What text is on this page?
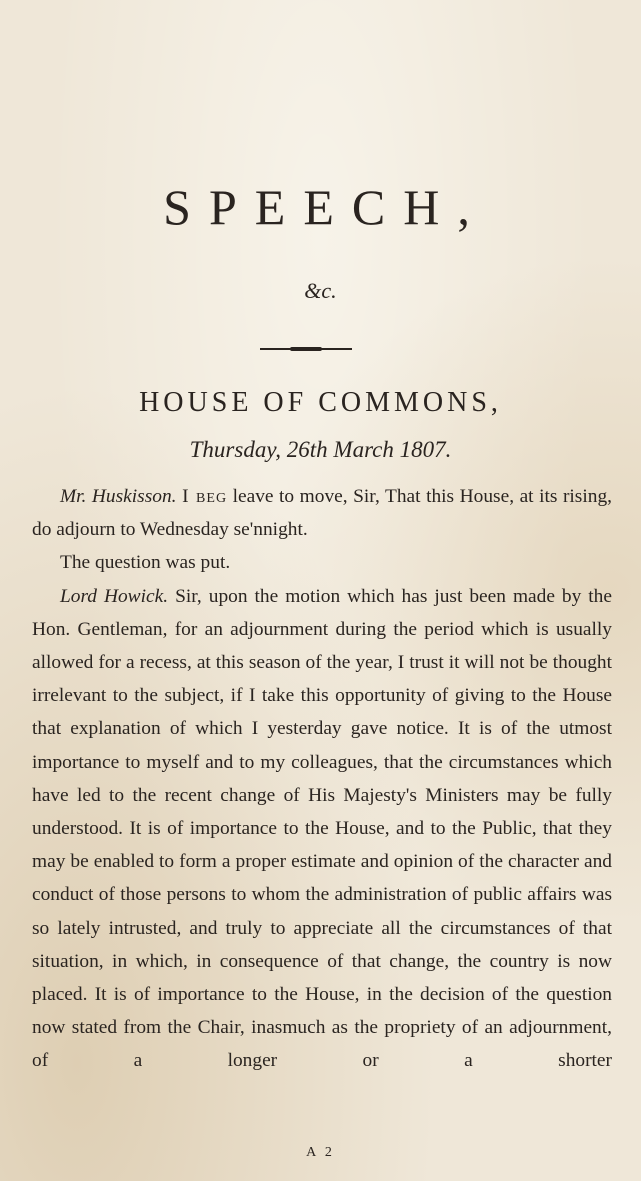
SPEECH,
&c.
HOUSE OF COMMONS,
Thursday, 26th March 1807.

Mr. Huskisson. I beg leave to move, Sir, That this House, at its rising, do adjourn to Wednesday se'nnight.

The question was put.

Lord Howick. Sir, upon the motion which has just been made by the Hon. Gentleman, for an adjournment during the period which is usually allowed for a recess, at this season of the year, I trust it will not be thought irrelevant to the subject, if I take this opportunity of giving to the House that explanation of which I yesterday gave notice. It is of the utmost importance to myself and to my colleagues, that the circumstances which have led to the recent change of His Majesty's Ministers may be fully understood. It is of importance to the House, and to the Public, that they may be enabled to form a proper estimate and opinion of the character and conduct of those persons to whom the administration of public affairs was so lately intrusted, and truly to appreciate all the circumstances of that situation, in which, in consequence of that change, the country is now placed. It is of importance to the House, in the decision of the question now stated from the Chair, inasmuch as the propriety of an adjournment, of a longer or a shorter

A 2
